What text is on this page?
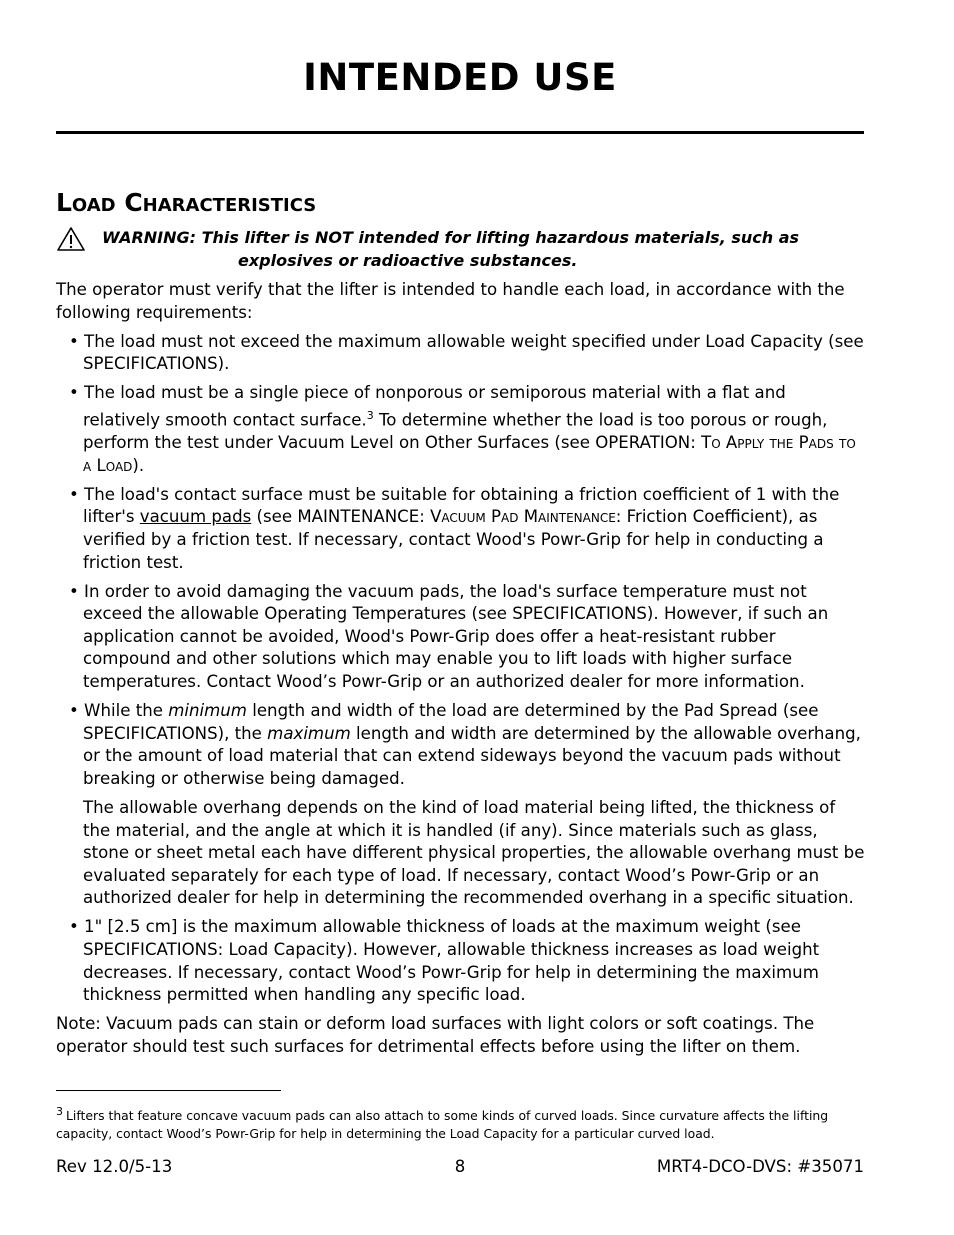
INTENDED USE
Load Characteristics
WARNING: This lifter is NOT intended for lifting hazardous materials, such as
explosives or radioactive substances.

The operator must verify that the lifter is intended to handle each load, in accordance with the following requirements:

• The load must not exceed the maximum allowable weight specified under Load Capacity (see SPECIFICATIONS).

• The load must be a single piece of nonporous or semiporous material with a flat and relatively smooth contact surface.$^3$ To determine whether the load is too porous or rough, perform the test under Vacuum Level on Other Surfaces (see OPERATION: To Apply the Pads to a Load).

• The load's contact surface must be suitable for obtaining a friction coefficient of 1 with the lifter's vacuum pads (see MAINTENANCE: Vacuum Pad Maintenance: Friction Coefficient), as verified by a friction test. If necessary, contact Wood's Powr-Grip for help in conducting a friction test.

• In order to avoid damaging the vacuum pads, the load's surface temperature must not exceed the allowable Operating Temperatures (see SPECIFICATIONS). However, if such an application cannot be avoided, Wood's Powr-Grip does offer a heat-resistant rubber compound and other solutions which may enable you to lift loads with higher surface temperatures. Contact Wood’s Powr-Grip or an authorized dealer for more information.

• While the minimum length and width of the load are determined by the Pad Spread (see SPECIFICATIONS), the maximum length and width are determined by the allowable overhang, or the amount of load material that can extend sideways beyond the vacuum pads without breaking or otherwise being damaged.

The allowable overhang depends on the kind of load material being lifted, the thickness of the material, and the angle at which it is handled (if any). Since materials such as glass, stone or sheet metal each have different physical properties, the allowable overhang must be evaluated separately for each type of load. If necessary, contact Wood’s Powr-Grip or an authorized dealer for help in determining the recommended overhang in a specific situation.

• 1" [2.5 cm] is the maximum allowable thickness of loads at the maximum weight (see SPECIFICATIONS: Load Capacity). However, allowable thickness increases as load weight decreases. If necessary, contact Wood’s Powr-Grip for help in determining the maximum thickness permitted when handling any specific load.

Note: Vacuum pads can stain or deform load surfaces with light colors or soft coatings. The operator should test such surfaces for detrimental effects before using the lifter on them.

$^3$ Lifters that feature concave vacuum pads can also attach to some kinds of curved loads. Since curvature affects the lifting capacity, contact Wood’s Powr-Grip for help in determining the Load Capacity for a particular curved load.
Rev 12.0/5-13	8	MRT4-DCO-DVS: #35071
